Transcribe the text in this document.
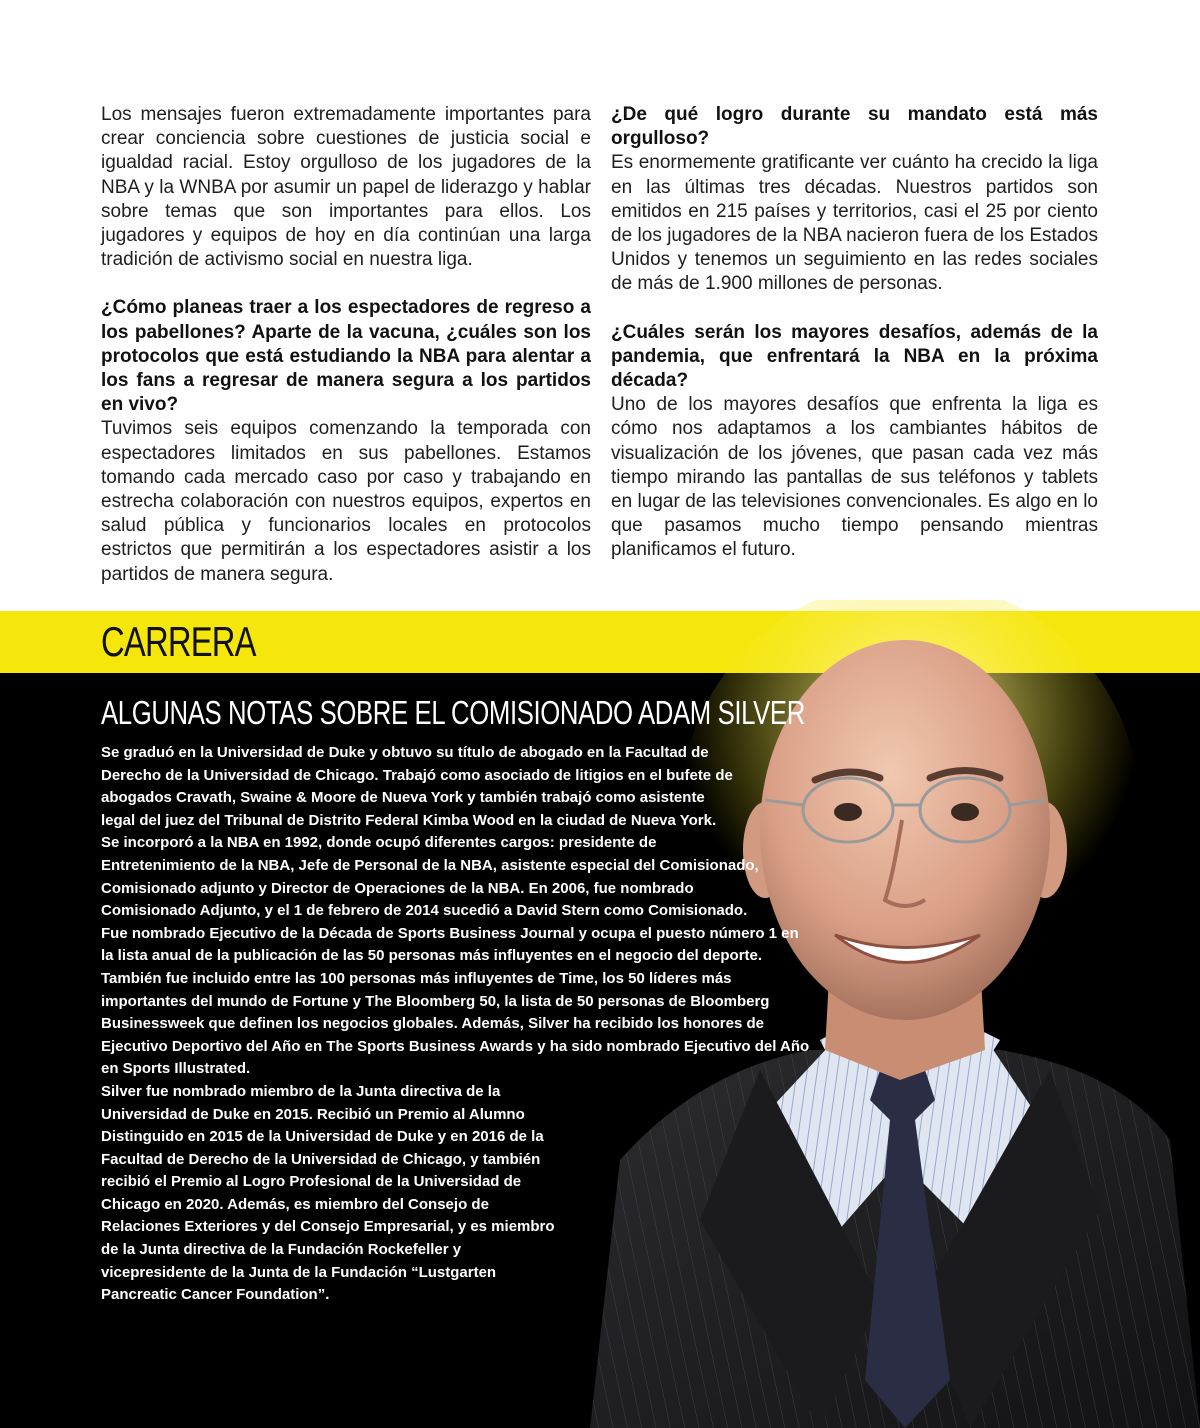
Los mensajes fueron extremadamente importantes para crear conciencia sobre cuestiones de justicia social e igualdad racial. Estoy orgulloso de los jugadores de la NBA y la WNBA por asumir un papel de liderazgo y hablar sobre temas que son importantes para ellos. Los jugadores y equipos de hoy en día continúan una larga tradición de activismo social en nuestra liga.

¿Cómo planeas traer a los espectadores de regreso a los pabellones? Aparte de la vacuna, ¿cuáles son los protocolos que está estudiando la NBA para alentar a los fans a regresar de manera segura a los partidos en vivo?

Tuvimos seis equipos comenzando la temporada con espectadores limitados en sus pabellones. Estamos tomando cada mercado caso por caso y trabajando en estrecha colaboración con nuestros equipos, expertos en salud pública y funcionarios locales en protocolos estrictos que permitirán a los espectadores asistir a los partidos de manera segura.

¿De qué logro durante su mandato está más orgulloso?

Es enormemente gratificante ver cuánto ha crecido la liga en las últimas tres décadas. Nuestros partidos son emitidos en 215 países y territorios, casi el 25 por ciento de los jugadores de la NBA nacieron fuera de los Estados Unidos y tenemos un seguimiento en las redes sociales de más de 1.900 millones de personas.

¿Cuáles serán los mayores desafíos, además de la pandemia, que enfrentará la NBA en la próxima década?

Uno de los mayores desafíos que enfrenta la liga es cómo nos adaptamos a los cambiantes hábitos de visualización de los jóvenes, que pasan cada vez más tiempo mirando las pantallas de sus teléfonos y tablets en lugar de las televisiones convencionales. Es algo en lo que pasamos mucho tiempo pensando mientras planificamos el futuro.

CARRERA
ALGUNAS NOTAS SOBRE EL COMISIONADO ADAM SILVER

Se graduó en la Universidad de Duke y obtuvo su título de abogado en la Facultad de Derecho de la Universidad de Chicago. Trabajó como asociado de litigios en el bufete de abogados Cravath, Swaine & Moore de Nueva York y también trabajó como asistente legal del juez del Tribunal de Distrito Federal Kimba Wood en la ciudad de Nueva York.

Se incorporó a la NBA en 1992, donde ocupó diferentes cargos: presidente de Entretenimiento de la NBA, Jefe de Personal de la NBA, asistente especial del Comisionado, Comisionado adjunto y Director de Operaciones de la NBA. En 2006, fue nombrado Comisionado Adjunto, y el 1 de febrero de 2014 sucedió a David Stern como Comisionado.

Fue nombrado Ejecutivo de la Década de Sports Business Journal y ocupa el puesto número 1 en la lista anual de la publicación de las 50 personas más influyentes en el negocio del deporte. También fue incluido entre las 100 personas más influyentes de Time, los 50 líderes más importantes del mundo de Fortune y The Bloomberg 50, la lista de 50 personas de Bloomberg Businessweek que definen los negocios globales. Además, Silver ha recibido los honores de Ejecutivo Deportivo del Año en The Sports Business Awards y ha sido nombrado Ejecutivo del Año en Sports Illustrated.

Silver fue nombrado miembro de la Junta directiva de la Universidad de Duke en 2015. Recibió un Premio al Alumno Distinguido en 2015 de la Universidad de Duke y en 2016 de la Facultad de Derecho de la Universidad de Chicago, y también recibió el Premio al Logro Profesional de la Universidad de Chicago en 2020. Además, es miembro del Consejo de Relaciones Exteriores y del Consejo Empresarial, y es miembro de la Junta directiva de la Fundación Rockefeller y vicepresidente de la Junta de la Fundación “Lustgarten Pancreatic Cancer Foundation”.
